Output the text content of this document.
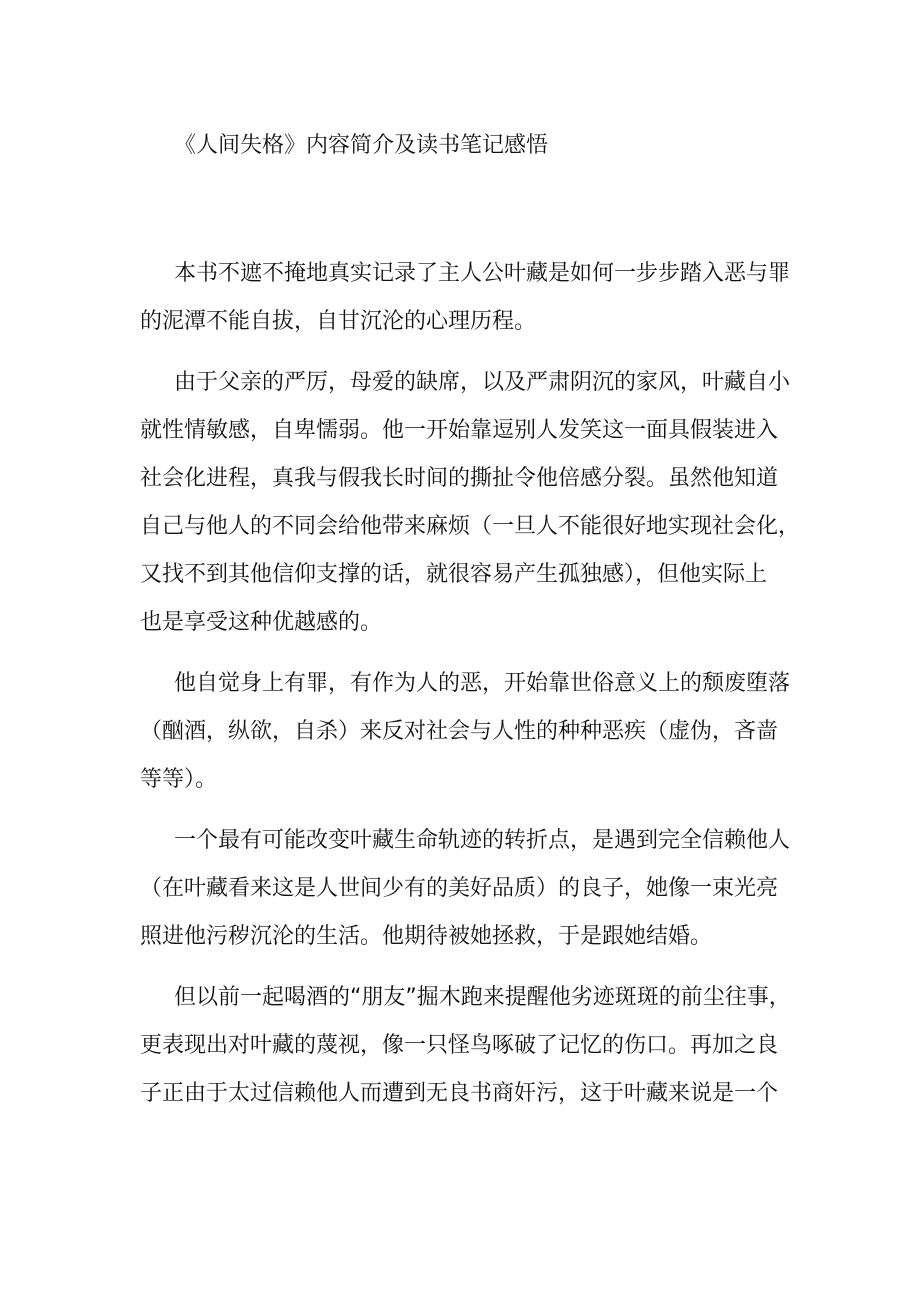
《人间失格》内容简介及读书笔记感悟

本书不遮不掩地真实记录了主人公叶藏是如何一步步踏入恶与罪
的泥潭不能自拔，自甘沉沦的心理历程。

由于父亲的严厉，母爱的缺席，以及严肃阴沉的家风，叶藏自小
就性情敏感，自卑懦弱。他一开始靠逗别人发笑这一面具假装进入
社会化进程，真我与假我长时间的撕扯令他倍感分裂。虽然他知道
自己与他人的不同会给他带来麻烦（一旦人不能很好地实现社会化，
又找不到其他信仰支撑的话，就很容易产生孤独感），但他实际上
也是享受这种优越感的。

他自觉身上有罪，有作为人的恶，开始靠世俗意义上的颓废堕落
（酗酒，纵欲，自杀）来反对社会与人性的种种恶疾（虚伪，吝啬
等等）。

一个最有可能改变叶藏生命轨迹的转折点，是遇到完全信赖他人
（在叶藏看来这是人世间少有的美好品质）的良子，她像一束光亮
照进他污秽沉沦的生活。他期待被她拯救，于是跟她结婚。

但以前一起喝酒的“朋友”掘木跑来提醒他劣迹斑斑的前尘往事，
更表现出对叶藏的蔑视，像一只怪鸟啄破了记忆的伤口。再加之良
子正由于太过信赖他人而遭到无良书商奸污，这于叶藏来说是一个
